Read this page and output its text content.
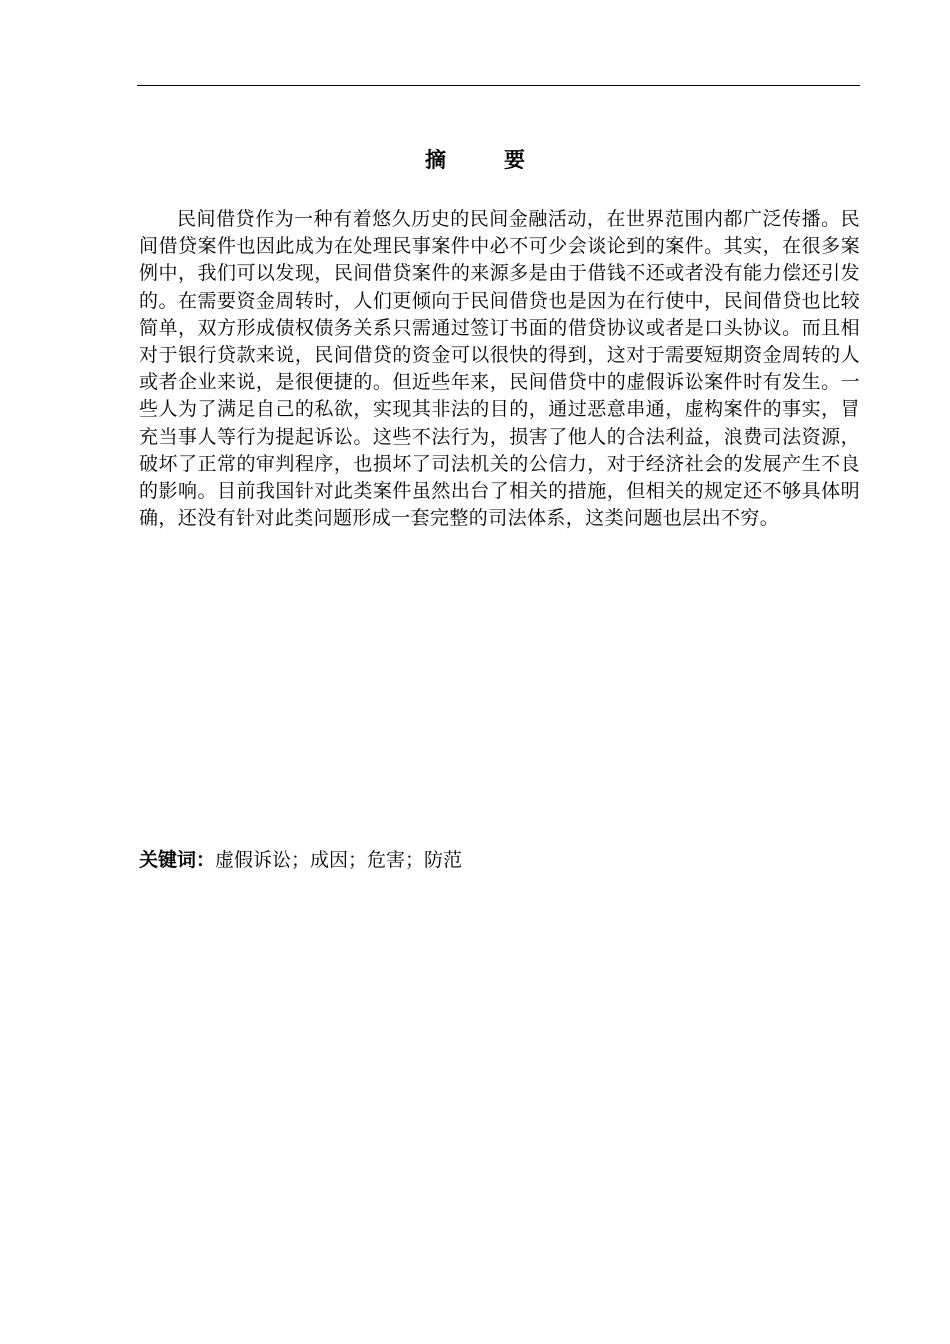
摘	要

民间借贷作为一种有着悠久历史的民间金融活动，在世界范围内都广泛传播。民间借贷案件也因此成为在处理民事案件中必不可少会谈论到的案件。其实，在很多案例中，我们可以发现，民间借贷案件的来源多是由于借钱不还或者没有能力偿还引发的。在需要资金周转时，人们更倾向于民间借贷也是因为在行使中，民间借贷也比较简单，双方形成债权债务关系只需通过签订书面的借贷协议或者是口头协议。而且相对于银行贷款来说，民间借贷的资金可以很快的得到，这对于需要短期资金周转的人或者企业来说，是很便捷的。但近些年来，民间借贷中的虚假诉讼案件时有发生。一些人为了满足自己的私欲，实现其非法的目的，通过恶意串通，虚构案件的事实，冒充当事人等行为提起诉讼。这些不法行为，损害了他人的合法利益，浪费司法资源，破坏了正常的审判程序，也损坏了司法机关的公信力，对于经济社会的发展产生不良的影响。目前我国针对此类案件虽然出台了相关的措施，但相关的规定还不够具体明确，还没有针对此类问题形成一套完整的司法体系，这类问题也层出不穷。

关键词：虚假诉讼；成因；危害；防范
